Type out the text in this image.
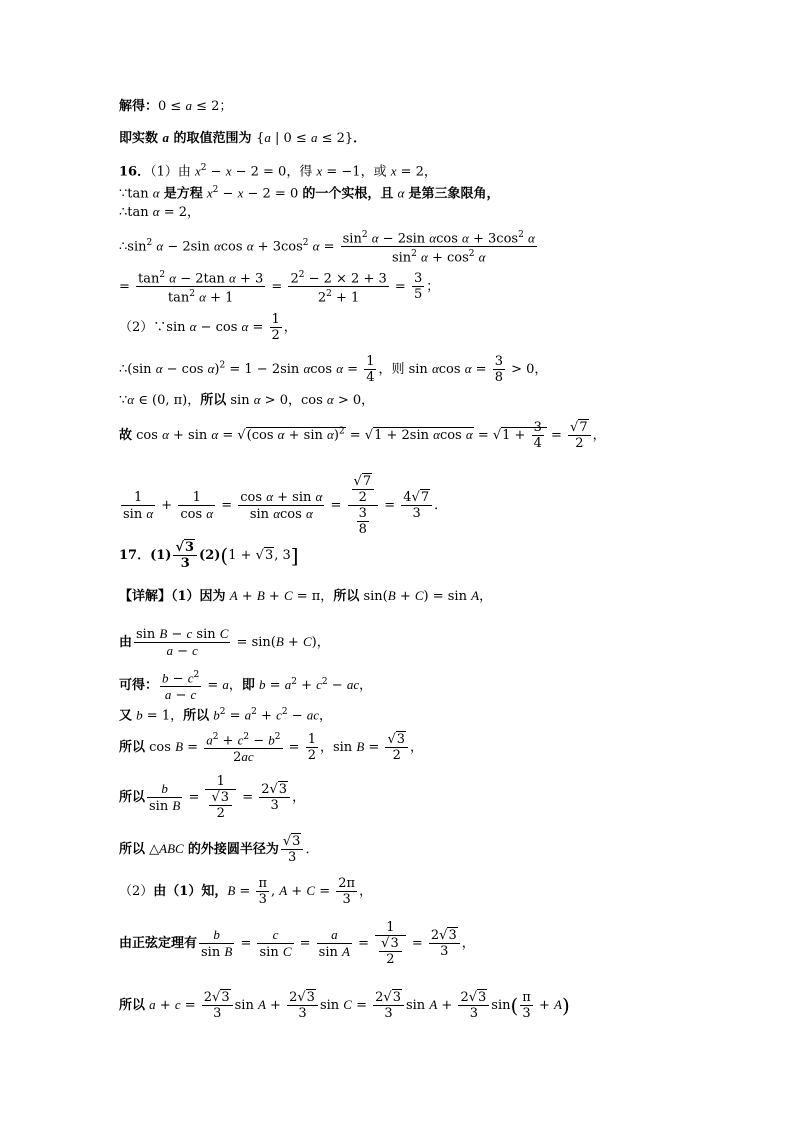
解得：0 ≤ a ≤ 2；
即实数 a 的取值范围为 {a | 0 ≤ a ≤ 2}．
16．（1）由 $x^2 - x - 2 = 0$，得 x = −1，或 x = 2，
∵tan α 是方程 $x^2 - x - 2 = 0$ 的一个实根，且 α 是第三象限角，
∴tan α = 2，
$\therefore\sin^2$ α − 2sin αcos $\alpha + 3\cos^2$ $\alpha = \frac{\sin^2 \alpha - 2\sin \alpha\cos \alpha + 3\cos^2 \alpha}{\sin^2 \alpha + \cos^2 \alpha}$
= $\frac{\tan^2 \alpha - 2\tan \alpha + 3}{\tan^2 \alpha + 1} = \frac{2^2 - 2 \times 2 + 3}{2^2 + 1} = \frac{3}{5}$ ；
（2）∵sin $\alpha - \cos \alpha = \frac{1}{2}$ ，
∴(sin α − cos α)$^2$ = 1 − 2sin αcos $\alpha = \frac{1}{4}$ ，则 sin αcos $\alpha = \frac{3}{8} > 0$，
∵α ∈ (0, π)，所以 sin α > 0，cos α > 0，
故 cos α + sin α = √(cos α + sin α)$^2$ = √1 + 2sin αcos $\alpha = √1 + \frac{3}{4} = \frac{√7}{2}$ ，
$\frac{1}{\text{sin α}} + \frac{1}{\text{cos α}} = \frac{\text{cos α + sin α}}{\text{sin αcos α}} = \frac{\frac{√7}{2}}{\frac{3}{8}} = \frac{4√7}{3}$ ．
17．$(1) \frac{√3}{3} (2)(1 + √3$, 3]
【详解】（1）因为 A + B + C = π，所以 sin(B + C) = sin A，
由 $\frac{\text{sin B − c sin C}}{a - c} = \sin(B + C)$，
可得： $\frac{b - c^2}{a - c} = a$，即 $b = a^2 + c^2$ − ac，
又 b = 1，所以 $b^2 = a^2 + c^2$ − ac，
所以 $\cos B = \frac{a^2 + c^2 - b^2}{2ac} = \frac{1}{2}$ ，$\sin B = \frac{√3}{2}$ ，
所以 $\frac{b}{\text{sin B}} = \frac{1}{\frac{√3}{2}} = \frac{2√3}{3}$ ，
所以 △ABC 的外接圆半径为 $\frac{√3}{3}$ ．
（2）由（1）知，$B = \frac{\pi}{3}$ , $A + C = \frac{2\pi}{3}$ ，
由正弦定理有 $\frac{b}{\text{sin B}} = \frac{c}{\text{sin C}} = \frac{a}{\text{sin A}} = \frac{1}{\frac{√3}{2}} = \frac{2√3}{3}$ ，
所以 $a + c = \frac{2√3}{3}$ $\sin A + \frac{2√3}{3}$ $\sin C = \frac{2√3}{3}$ $\sin A + \frac{2√3}{3} \sin( \frac{\pi}{3} + A)$
